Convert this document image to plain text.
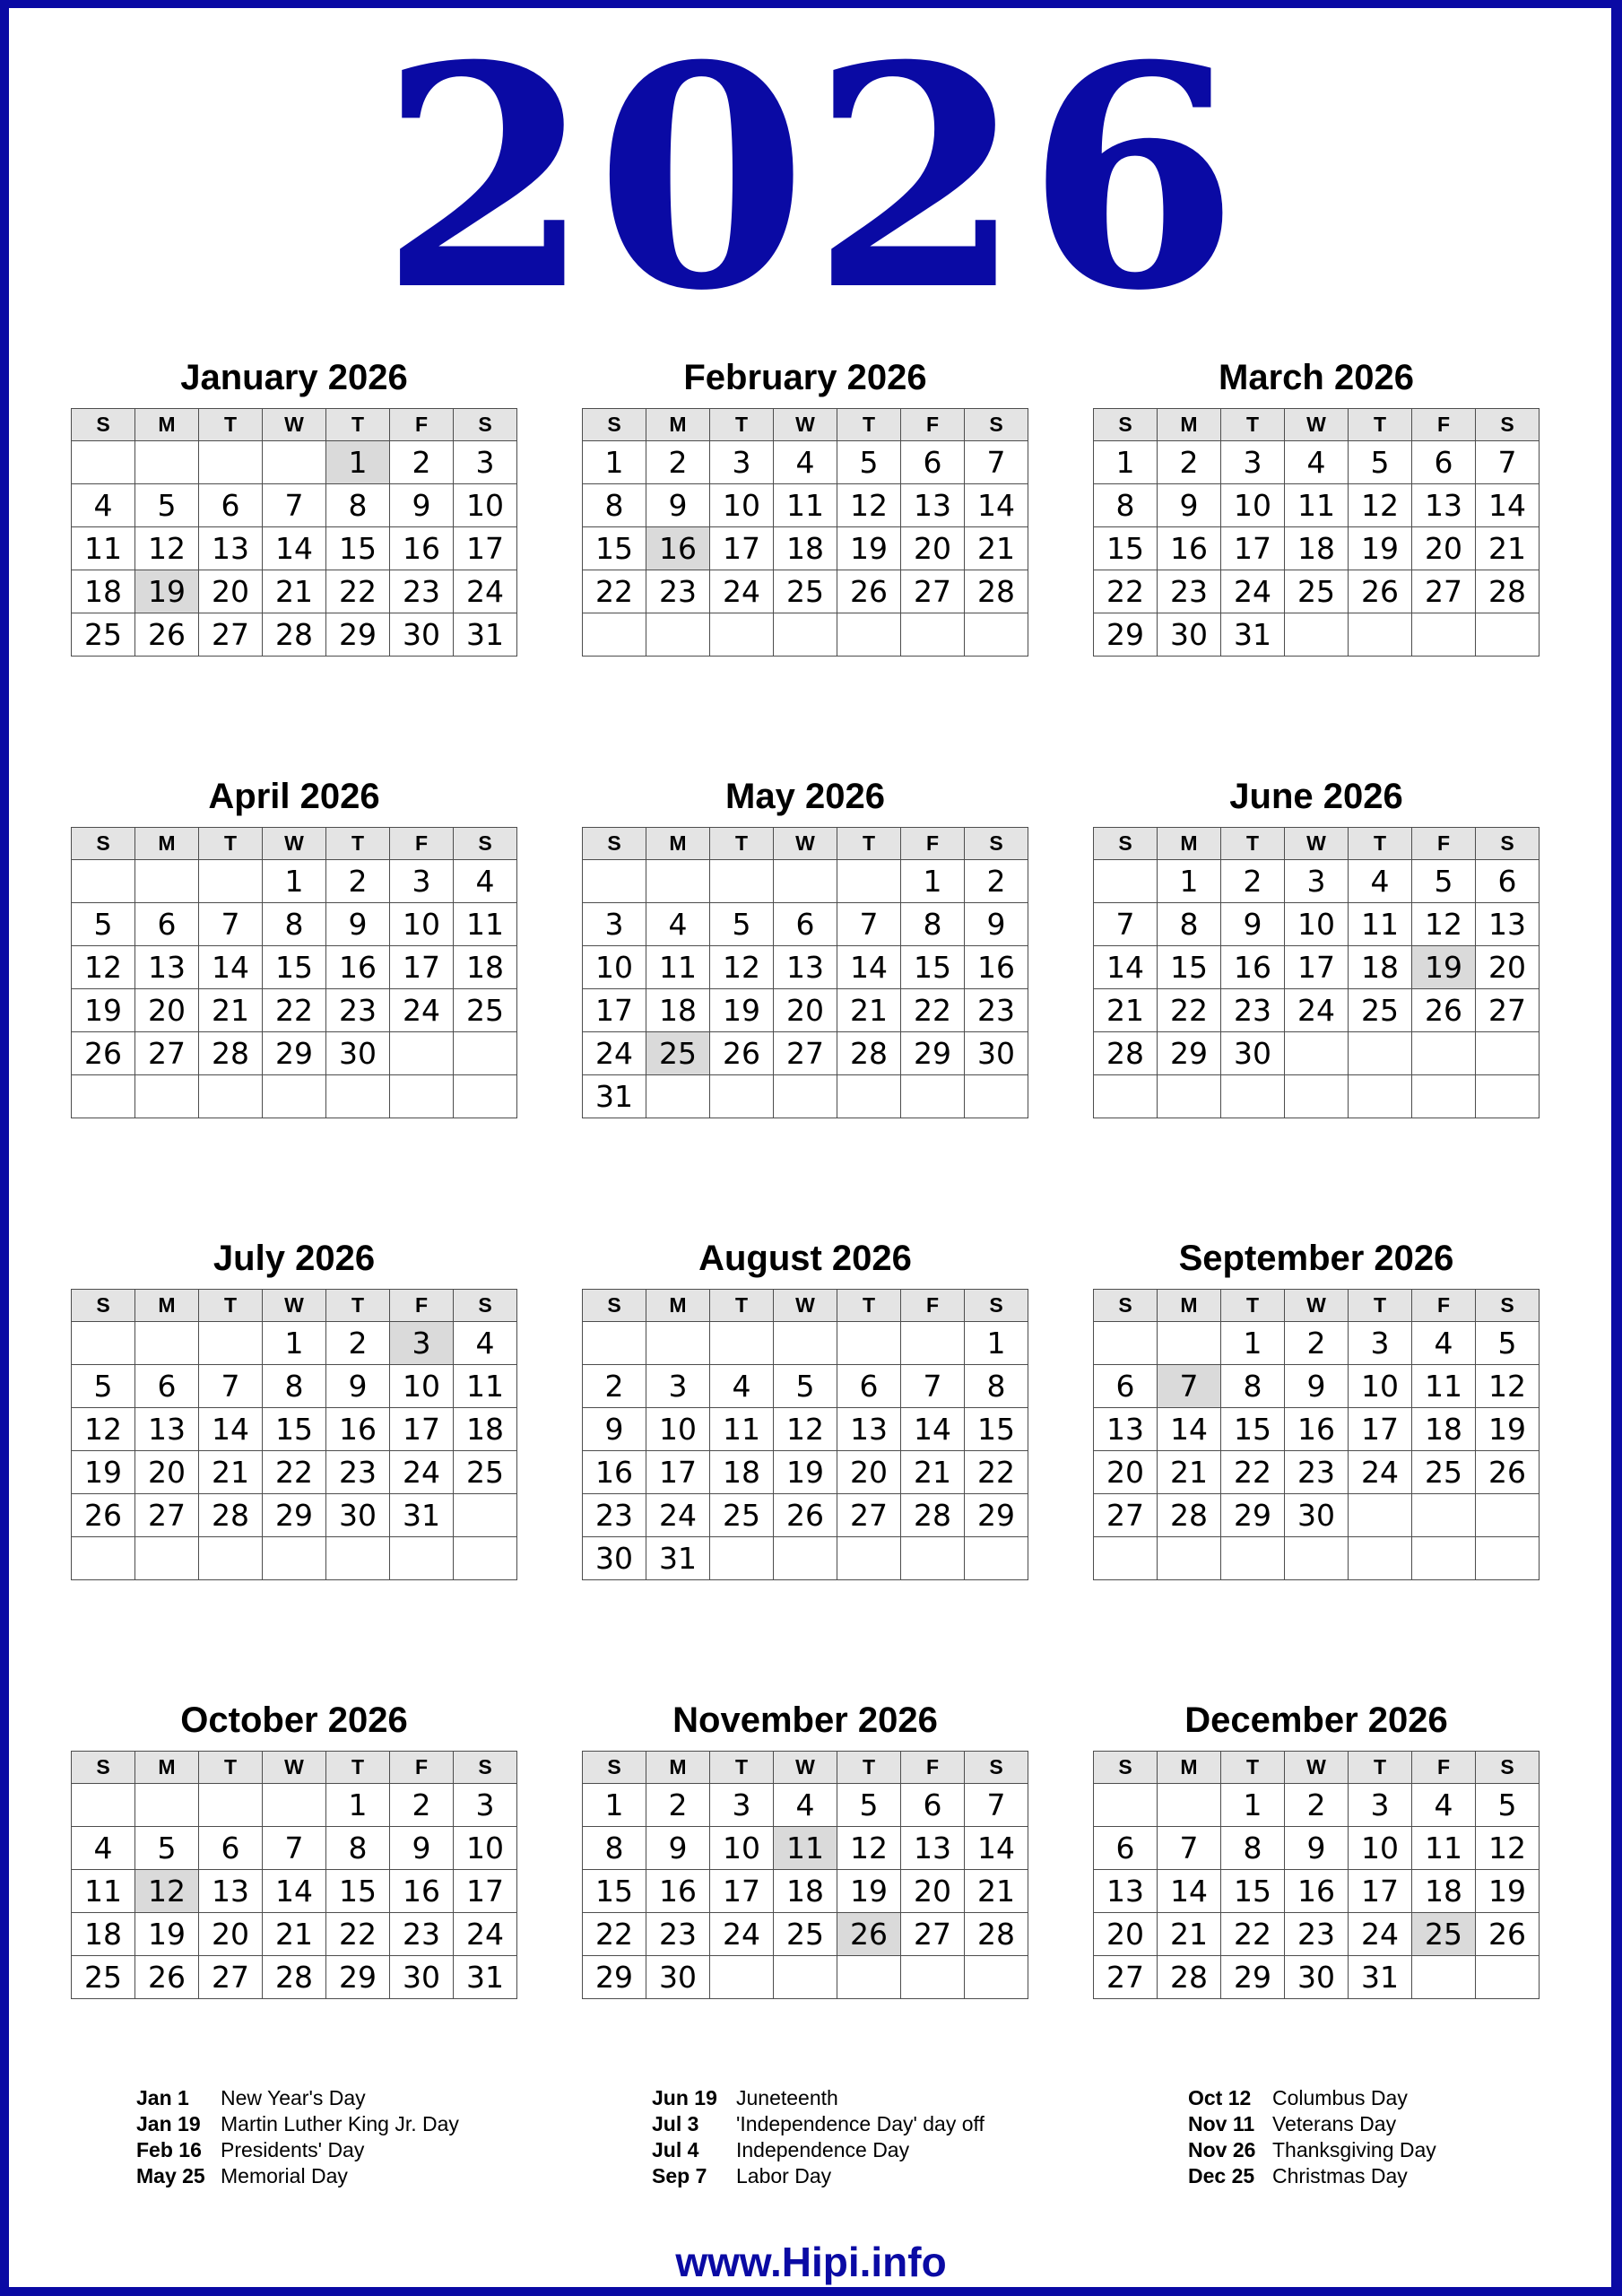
2026
January 2026
S	M	T	W	T	F	S
				1	2	3
4	5	6	7	8	9	10
11	12	13	14	15	16	17
18	19	20	21	22	23	24
25	26	27	28	29	30	31
February 2026
S	M	T	W	T	F	S
1	2	3	4	5	6	7
8	9	10	11	12	13	14
15	16	17	18	19	20	21
22	23	24	25	26	27	28

March 2026
S	M	T	W	T	F	S
1	2	3	4	5	6	7
8	9	10	11	12	13	14
15	16	17	18	19	20	21
22	23	24	25	26	27	28
29	30	31				
April 2026
S	M	T	W	T	F	S
			1	2	3	4
5	6	7	8	9	10	11
12	13	14	15	16	17	18
19	20	21	22	23	24	25
26	27	28	29	30		

May 2026
S	M	T	W	T	F	S
					1	2
3	4	5	6	7	8	9
10	11	12	13	14	15	16
17	18	19	20	21	22	23
24	25	26	27	28	29	30
31						
June 2026
S	M	T	W	T	F	S
	1	2	3	4	5	6
7	8	9	10	11	12	13
14	15	16	17	18	19	20
21	22	23	24	25	26	27
28	29	30				

July 2026
S	M	T	W	T	F	S
			1	2	3	4
5	6	7	8	9	10	11
12	13	14	15	16	17	18
19	20	21	22	23	24	25
26	27	28	29	30	31	

August 2026
S	M	T	W	T	F	S
						1
2	3	4	5	6	7	8
9	10	11	12	13	14	15
16	17	18	19	20	21	22
23	24	25	26	27	28	29
30	31					
September 2026
S	M	T	W	T	F	S
		1	2	3	4	5
6	7	8	9	10	11	12
13	14	15	16	17	18	19
20	21	22	23	24	25	26
27	28	29	30			

October 2026
S	M	T	W	T	F	S
				1	2	3
4	5	6	7	8	9	10
11	12	13	14	15	16	17
18	19	20	21	22	23	24
25	26	27	28	29	30	31
November 2026
S	M	T	W	T	F	S
1	2	3	4	5	6	7
8	9	10	11	12	13	14
15	16	17	18	19	20	21
22	23	24	25	26	27	28
29	30					
December 2026
S	M	T	W	T	F	S
		1	2	3	4	5
6	7	8	9	10	11	12
13	14	15	16	17	18	19
20	21	22	23	24	25	26
27	28	29	30	31		
Jan 1	New Year's Day
Jan 19 Martin Luther King Jr. Day
Feb 16 Presidents' Day
May 25 Memorial Day
Jun 19 Juneteenth
Jul 3	'Independence Day' day off
Jul 4	Independence Day
Sep 7	Labor Day
Oct 12	Columbus Day
Nov 11 Veterans Day
Nov 26 Thanksgiving Day
Dec 25 Christmas Day
www.Hipi.info
